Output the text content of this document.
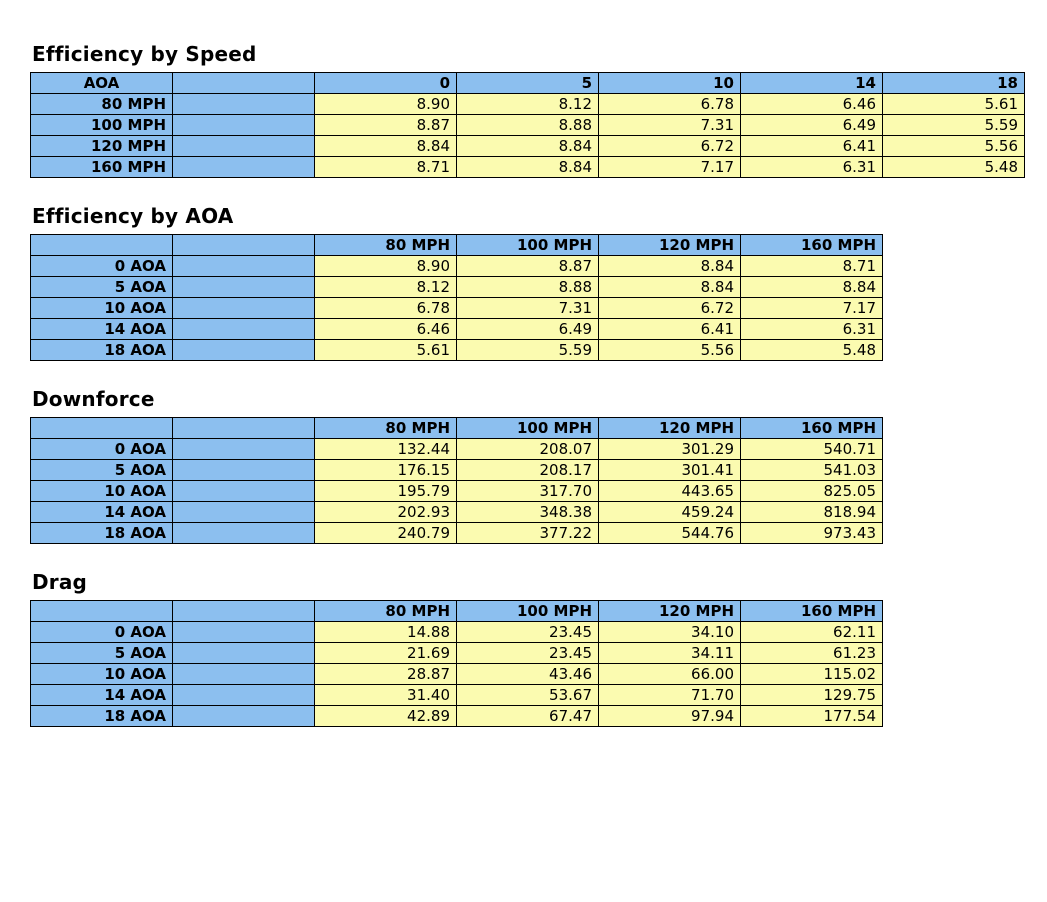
Efficiency by Speed
AOA		0	5	10	14	18
80 MPH		8.90	8.12	6.78	6.46	5.61
100 MPH		8.87	8.88	7.31	6.49	5.59
120 MPH		8.84	8.84	6.72	6.41	5.56
160 MPH		8.71	8.84	7.17	6.31	5.48
Efficiency by AOA
		80 MPH	100 MPH	120 MPH	160 MPH
0 AOA		8.90	8.87	8.84	8.71
5 AOA		8.12	8.88	8.84	8.84
10 AOA		6.78	7.31	6.72	7.17
14 AOA		6.46	6.49	6.41	6.31
18 AOA		5.61	5.59	5.56	5.48
Downforce
		80 MPH	100 MPH	120 MPH	160 MPH
0 AOA		132.44	208.07	301.29	540.71
5 AOA		176.15	208.17	301.41	541.03
10 AOA		195.79	317.70	443.65	825.05
14 AOA		202.93	348.38	459.24	818.94
18 AOA		240.79	377.22	544.76	973.43
Drag
		80 MPH	100 MPH	120 MPH	160 MPH
0 AOA		14.88	23.45	34.10	62.11
5 AOA		21.69	23.45	34.11	61.23
10 AOA		28.87	43.46	66.00	115.02
14 AOA		31.40	53.67	71.70	129.75
18 AOA		42.89	67.47	97.94	177.54
